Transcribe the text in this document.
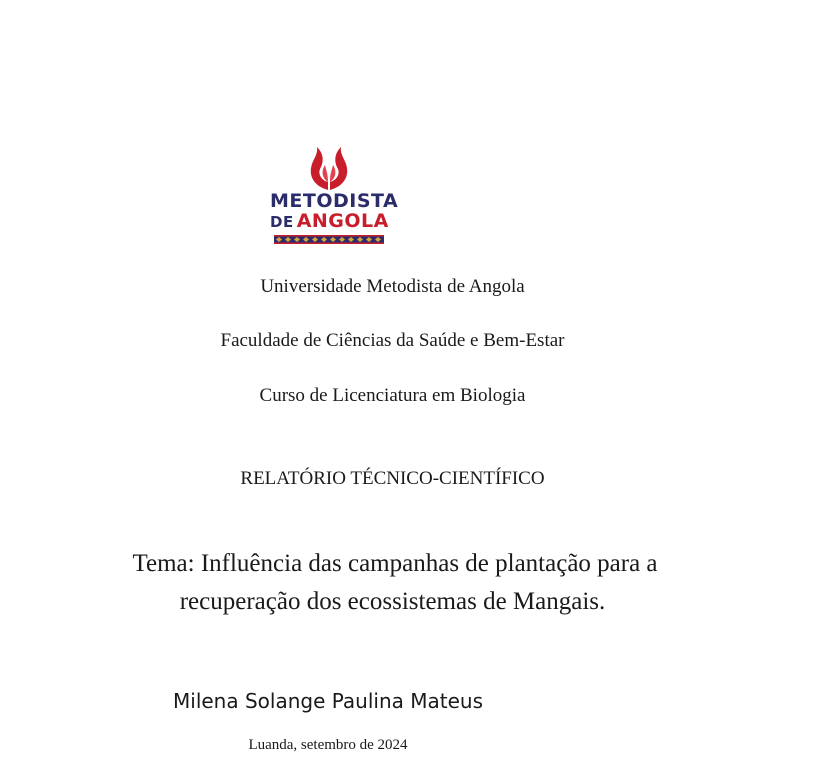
METODISTA
DE ANGOLA
Universidade Metodista de Angola
Faculdade de Ciências da Saúde e Bem-Estar
Curso de Licenciatura em Biologia
RELATÓRIO TÉCNICO-CIENTÍFICO
Tema: Influência das campanhas de plantação para a
recuperação dos ecossistemas de Mangais.
Milena Solange Paulina Mateus
Luanda, setembro de 2024
